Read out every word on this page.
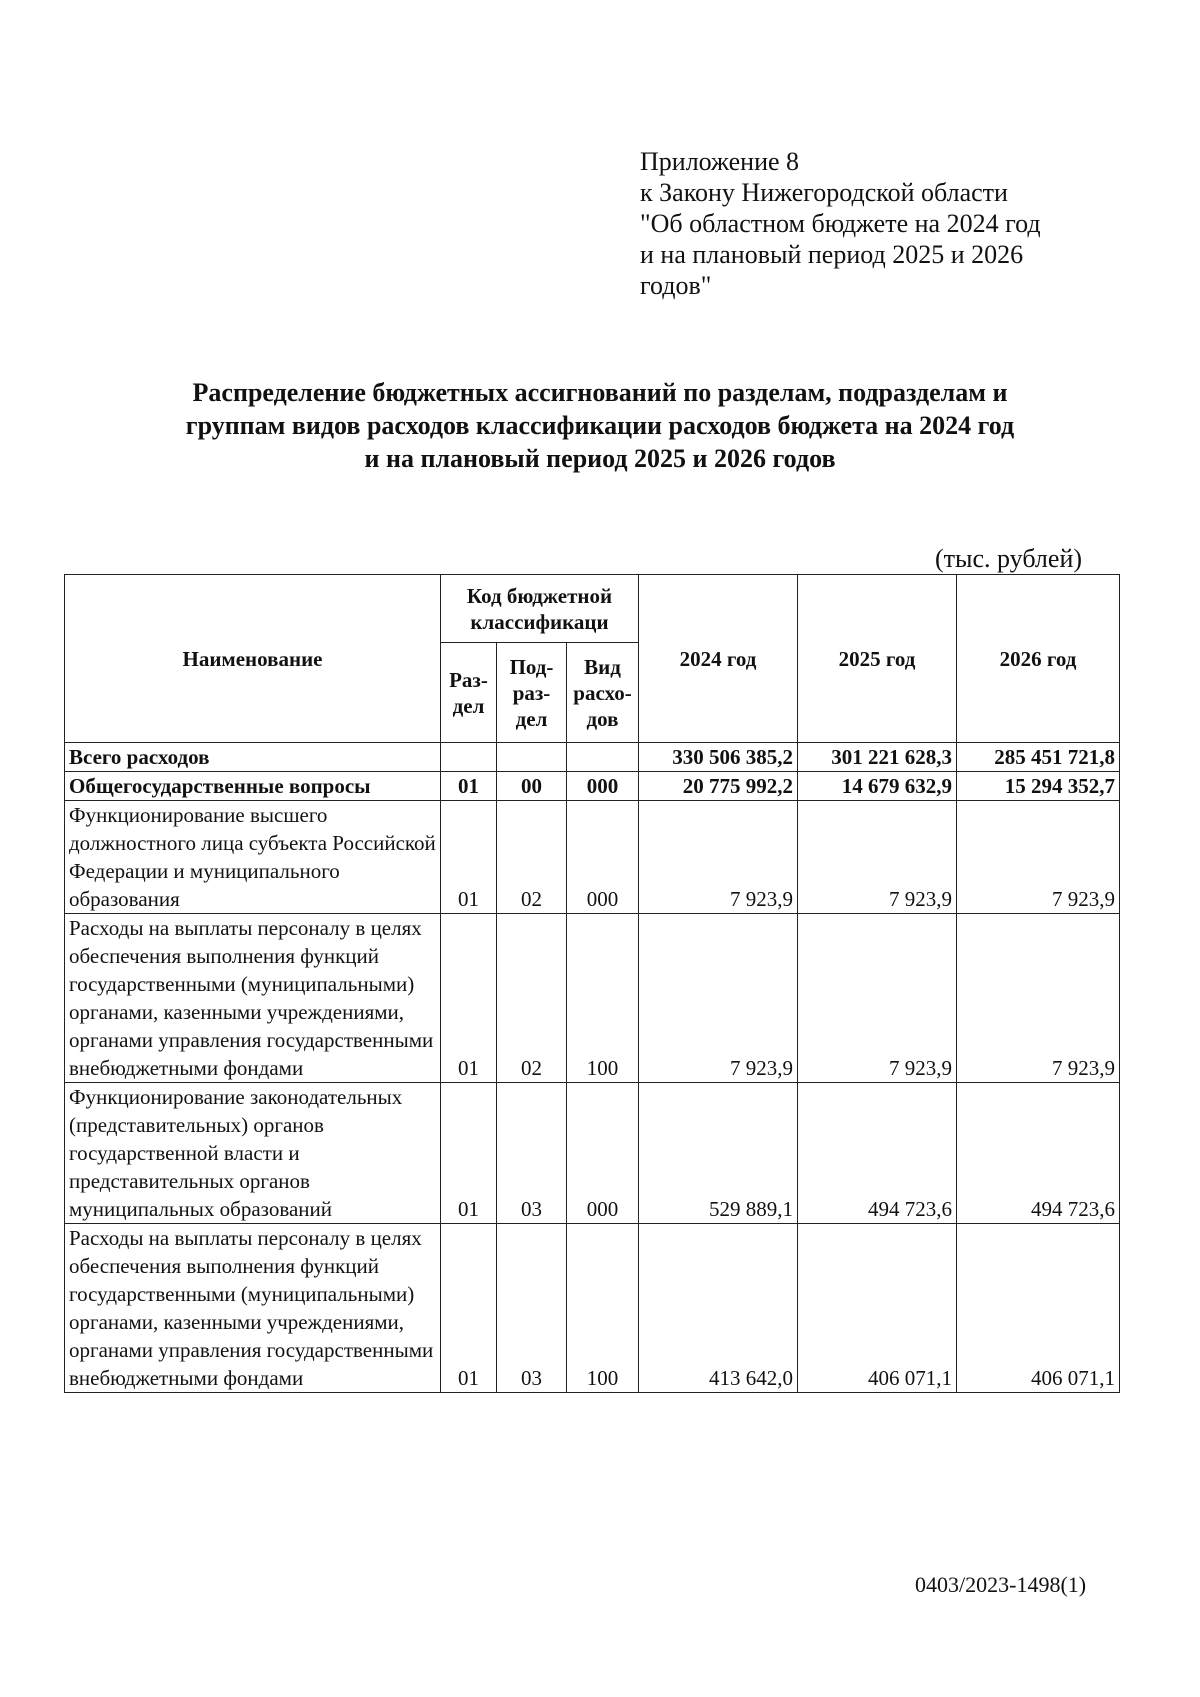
Приложение 8
к Закону Нижегородской области
"Об областном бюджете на 2024 год
и на плановый период 2025 и 2026
годов"
Распределение бюджетных ассигнований по разделам, подразделам и
группам видов расходов классификации расходов бюджета на 2024 год
и на плановый период 2025 и 2026 годов
(тыс. рублей)
Наименование	Код бюджетной классификаци			2024 год	2025 год	2026 год
	Раз-дел	Под-раз-дел	Вид расхо-дов			
Всего расходов				330 506 385,2	301 221 628,3	285 451 721,8
Общегосударственные вопросы	01	00	000	20 775 992,2	14 679 632,9	15 294 352,7
Функционирование высшего должностного лица субъекта Российской Федерации и муниципального образования	01	02	000	7 923,9	7 923,9	7 923,9
Расходы на выплаты персоналу в целях обеспечения выполнения функций государственными (муниципальными) органами, казенными учреждениями, органами управления государственными внебюджетными фондами	01	02	100	7 923,9	7 923,9	7 923,9
Функционирование законодательных (представительных) органов государственной власти и представительных органов муниципальных образований	01	03	000	529 889,1	494 723,6	494 723,6
Расходы на выплаты персоналу в целях обеспечения выполнения функций государственными (муниципальными) органами, казенными учреждениями, органами управления государственными внебюджетными фондами	01	03	100	413 642,0	406 071,1	406 071,1
0403/2023-1498(1)
